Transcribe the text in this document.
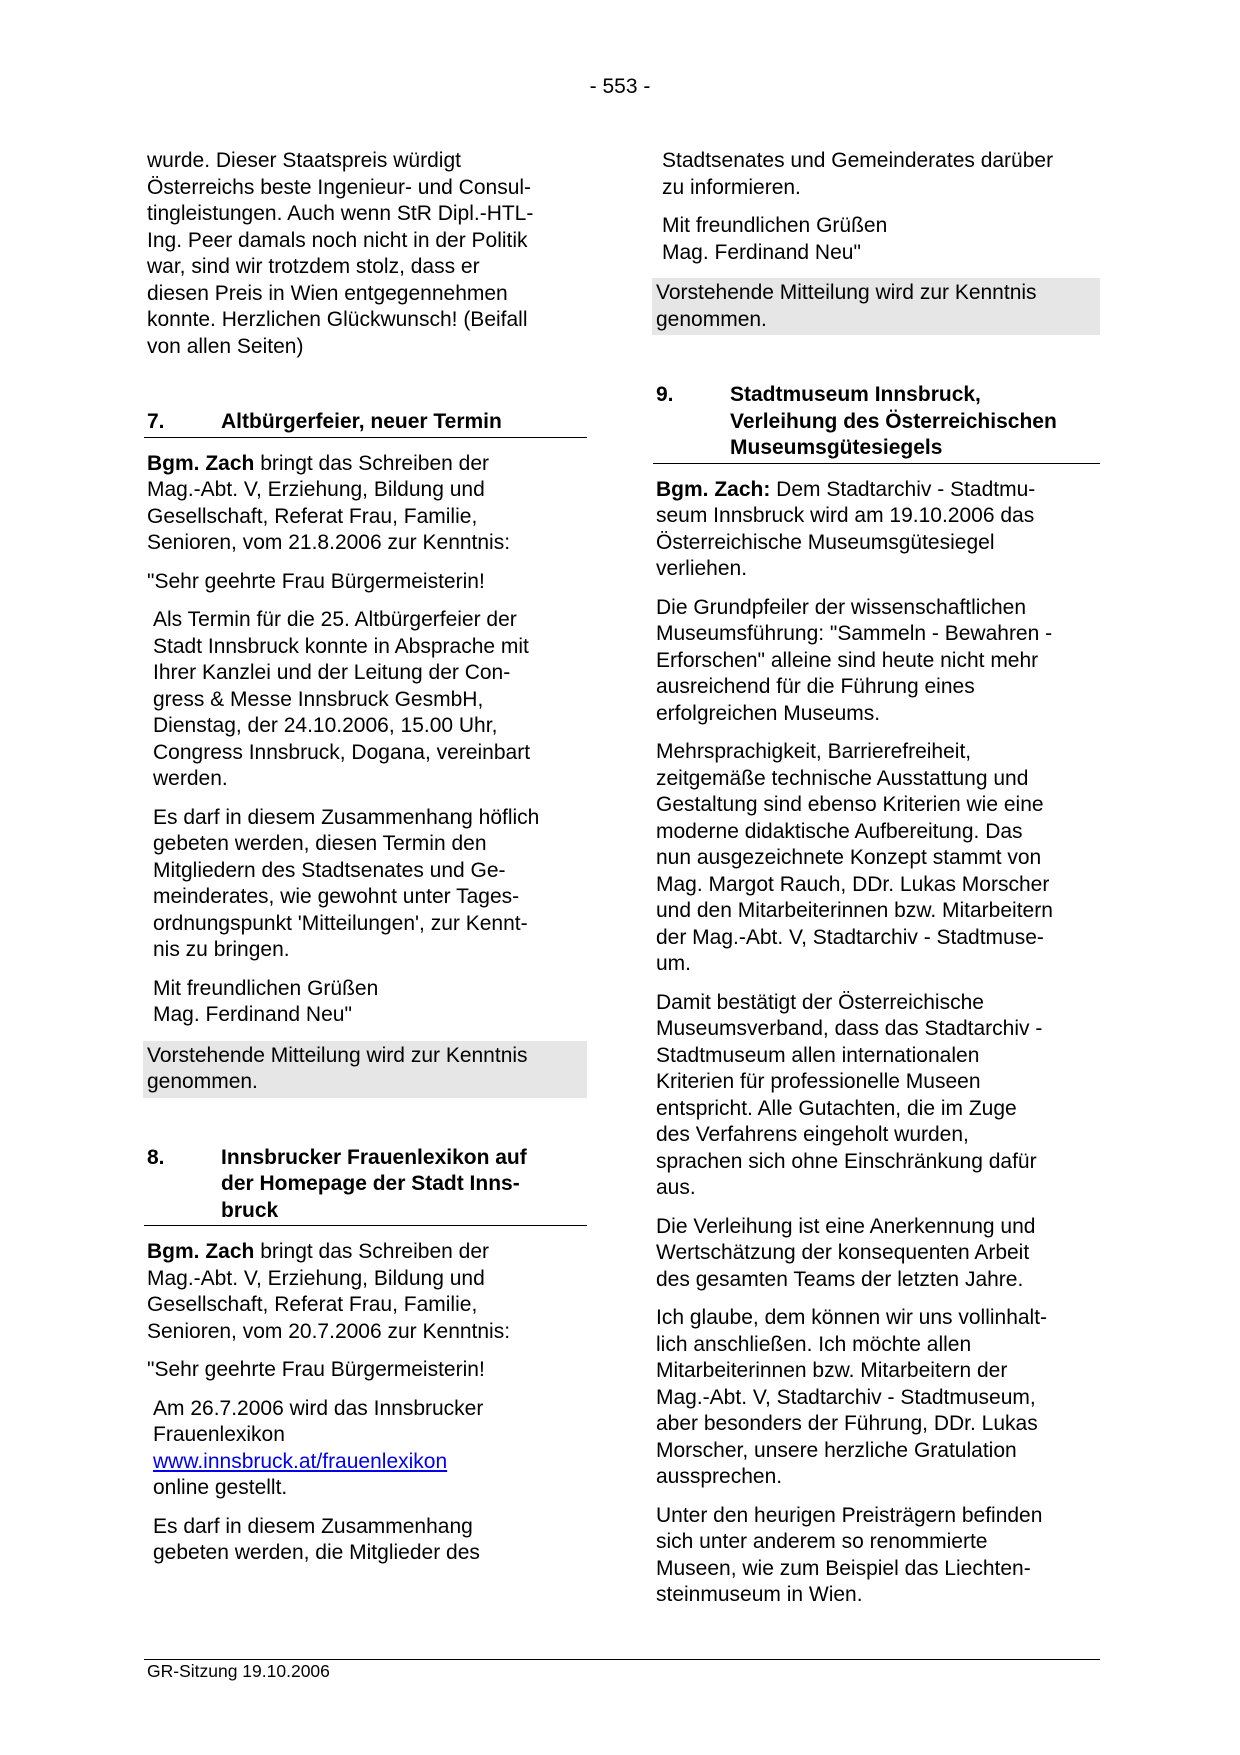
- 553 -

wurde. Dieser Staatspreis würdigt
Österreichs beste Ingenieur- und Consul-
tingleistungen. Auch wenn StR Dipl.-HTL-
Ing. Peer damals noch nicht in der Politik
war, sind wir trotzdem stolz, dass er
diesen Preis in Wien entgegennehmen
konnte. Herzlichen Glückwunsch! (Beifall
von allen Seiten)

7.	Altbürgerfeier, neuer Termin

Bgm. Zach bringt das Schreiben der
Mag.-Abt. V, Erziehung, Bildung und
Gesellschaft, Referat Frau, Familie,
Senioren, vom 21.8.2006 zur Kenntnis:

"Sehr geehrte Frau Bürgermeisterin!

Als Termin für die 25. Altbürgerfeier der
Stadt Innsbruck konnte in Absprache mit
Ihrer Kanzlei und der Leitung der Con-
gress & Messe Innsbruck GesmbH,
Dienstag, der 24.10.2006, 15.00 Uhr,
Congress Innsbruck, Dogana, vereinbart
werden.

Es darf in diesem Zusammenhang höflich
gebeten werden, diesen Termin den
Mitgliedern des Stadtsenates und Ge-
meinderates, wie gewohnt unter Tages-
ordnungspunkt 'Mitteilungen', zur Kennt-
nis zu bringen.

Mit freundlichen Grüßen
Mag. Ferdinand Neu"

Vorstehende Mitteilung wird zur Kenntnis
genommen.

8.	Innsbrucker Frauenlexikon auf
der Homepage der Stadt Inns-
bruck

Bgm. Zach bringt das Schreiben der
Mag.-Abt. V, Erziehung, Bildung und
Gesellschaft, Referat Frau, Familie,
Senioren, vom 20.7.2006 zur Kenntnis:

"Sehr geehrte Frau Bürgermeisterin!

Am 26.7.2006 wird das Innsbrucker
Frauenlexikon
www.innsbruck.at/frauenlexikon
online gestellt.

Es darf in diesem Zusammenhang
gebeten werden, die Mitglieder des

Stadtsenates und Gemeinderates darüber
zu informieren.

Mit freundlichen Grüßen
Mag. Ferdinand Neu"

Vorstehende Mitteilung wird zur Kenntnis
genommen.

9.	Stadtmuseum Innsbruck,
Verleihung des Österreichischen
Museumsgütesiegels

Bgm. Zach: Dem Stadtarchiv - Stadtmu-
seum Innsbruck wird am 19.10.2006 das
Österreichische Museumsgütesiegel
verliehen.

Die Grundpfeiler der wissenschaftlichen
Museumsführung: "Sammeln - Bewahren -
Erforschen" alleine sind heute nicht mehr
ausreichend für die Führung eines
erfolgreichen Museums.

Mehrsprachigkeit, Barrierefreiheit,
zeitgemäße technische Ausstattung und
Gestaltung sind ebenso Kriterien wie eine
moderne didaktische Aufbereitung. Das
nun ausgezeichnete Konzept stammt von
Mag. Margot Rauch, DDr. Lukas Morscher
und den Mitarbeiterinnen bzw. Mitarbeitern
der Mag.-Abt. V, Stadtarchiv - Stadtmuse-
um.

Damit bestätigt der Österreichische
Museumsverband, dass das Stadtarchiv -
Stadtmuseum allen internationalen
Kriterien für professionelle Museen
entspricht. Alle Gutachten, die im Zuge
des Verfahrens eingeholt wurden,
sprachen sich ohne Einschränkung dafür
aus.

Die Verleihung ist eine Anerkennung und
Wertschätzung der konsequenten Arbeit
des gesamten Teams der letzten Jahre.

Ich glaube, dem können wir uns vollinhalt-
lich anschließen. Ich möchte allen
Mitarbeiterinnen bzw. Mitarbeitern der
Mag.-Abt. V, Stadtarchiv - Stadtmuseum,
aber besonders der Führung, DDr. Lukas
Morscher, unsere herzliche Gratulation
aussprechen.

Unter den heurigen Preisträgern befinden
sich unter anderem so renommierte
Museen, wie zum Beispiel das Liechten-
steinmuseum in Wien.

GR-Sitzung 19.10.2006
